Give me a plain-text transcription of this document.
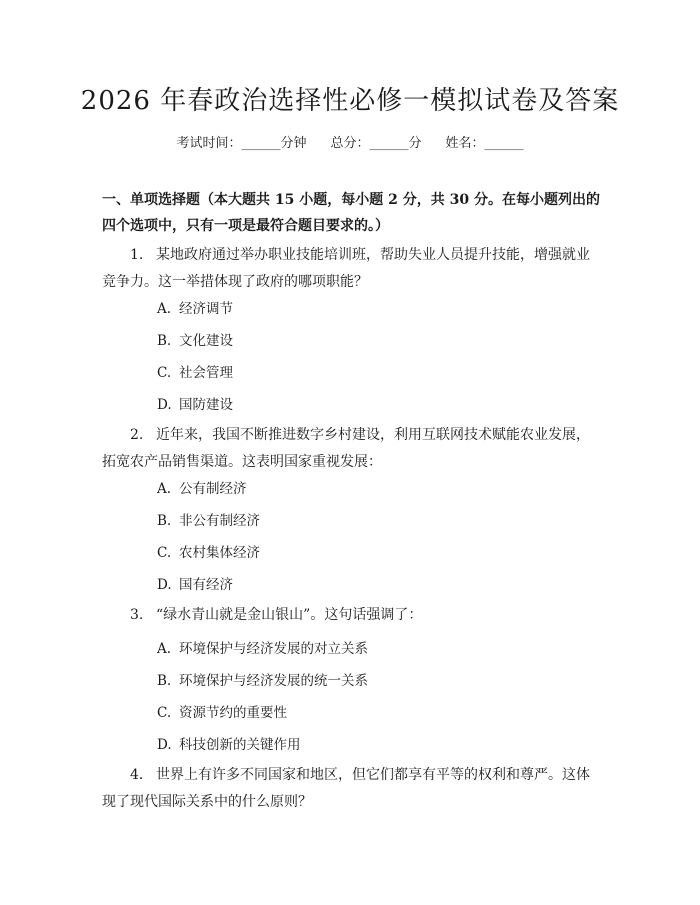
2026 年春政治选择性必修一模拟试卷及答案
考试时间：______分钟 总分：______分 姓名：______
一、单项选择题（本大题共 15 小题，每小题 2 分，共 30 分。在每小题列出的四个选项中，只有一项是最符合题目要求的。）
1. 某地政府通过举办职业技能培训班，帮助失业人员提升技能，增强就业竞争力。这一举措体现了政府的哪项职能？
A. 经济调节
B. 文化建设
C. 社会管理
D. 国防建设
2. 近年来，我国不断推进数字乡村建设，利用互联网技术赋能农业发展，拓宽农产品销售渠道。这表明国家重视发展：
A. 公有制经济
B. 非公有制经济
C. 农村集体经济
D. 国有经济
3. “绿水青山就是金山银山”。这句话强调了：
A. 环境保护与经济发展的对立关系
B. 环境保护与经济发展的统一关系
C. 资源节约的重要性
D. 科技创新的关键作用
4. 世界上有许多不同国家和地区，但它们都享有平等的权利和尊严。这体现了现代国际关系中的什么原则？
